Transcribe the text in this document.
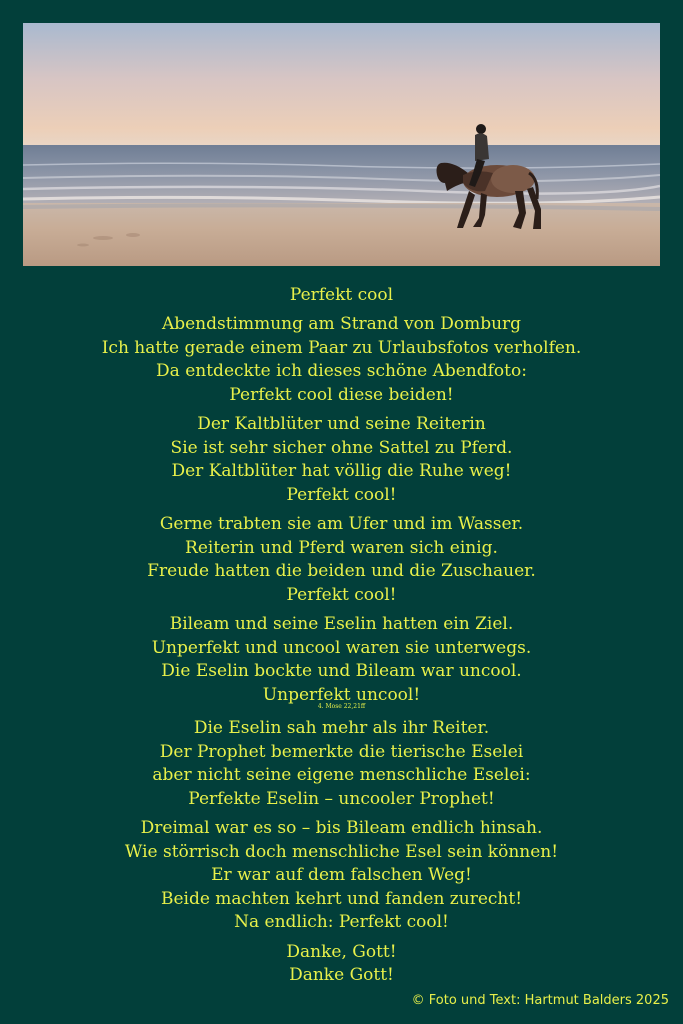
Perfekt cool
Abendstimmung am Strand von Domburg
Ich hatte gerade einem Paar zu Urlaubsfotos verholfen.
Da entdeckte ich dieses schöne Abendfoto:
Perfekt cool diese beiden!
Der Kaltblüter und seine Reiterin
Sie ist sehr sicher ohne Sattel zu Pferd.
Der Kaltblüter hat völlig die Ruhe weg!
Perfekt cool!
Gerne trabten sie am Ufer und im Wasser.
Reiterin und Pferd waren sich einig.
Freude hatten die beiden und die Zuschauer.
Perfekt cool!
Bileam und seine Eselin hatten ein Ziel.
Unperfekt und uncool waren sie unterwegs.
Die Eselin bockte und Bileam war uncool.
Unperfekt uncool!
4. Mose 22,21ff
Die Eselin sah mehr als ihr Reiter.
Der Prophet bemerkte die tierische Eselei
aber nicht seine eigene menschliche Eselei:
Perfekte Eselin – uncooler Prophet!
Dreimal war es so – bis Bileam endlich hinsah.
Wie störrisch doch menschliche Esel sein können!
Er war auf dem falschen Weg!
Beide machten kehrt und fanden zurecht!
Na endlich: Perfekt cool!
Danke, Gott!
Danke Gott!
© Foto und Text: Hartmut Balders 2025
